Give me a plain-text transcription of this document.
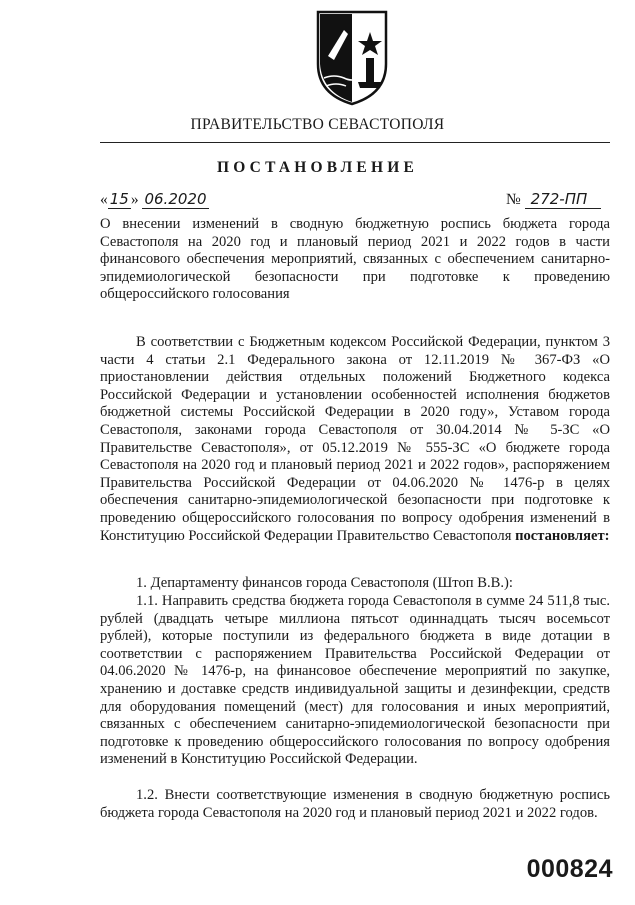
ПРАВИТЕЛЬСТВО СЕВАСТОПОЛЯ
ПОСТАНОВЛЕНИЕ
« 15 » 06.2020	№ 272-ПП
О внесении изменений в сводную бюджетную роспись бюджета города Севастополя на 2020 год и плановый период 2021 и 2022 годов в части финансового обеспечения мероприятий, связанных с обеспечением санитарно-эпидемиологической безопасности при подготовке к проведению общероссийского голосования
В соответствии с Бюджетным кодексом Российской Федерации, пунктом 3 части 4 статьи 2.1 Федерального закона от 12.11.2019 № 367-ФЗ «О приостановлении действия отдельных положений Бюджетного кодекса Российской Федерации и установлении особенностей исполнения бюджетов бюджетной системы Российской Федерации в 2020 году», Уставом города Севастополя, законами города Севастополя от 30.04.2014 № 5-ЗС «О Правительстве Севастополя», от 05.12.2019 № 555-ЗС «О бюджете города Севастополя на 2020 год и плановый период 2021 и 2022 годов», распоряжением Правительства Российской Федерации от 04.06.2020 № 1476-р в целях обеспечения санитарно-эпидемиологической безопасности при подготовке к проведению общероссийского голосования по вопросу одобрения изменений в Конституцию Российской Федерации Правительство Севастополя постановляет:
1. Департаменту финансов города Севастополя (Штоп В.В.):
1.1. Направить средства бюджета города Севастополя в сумме 24 511,8 тыс. рублей (двадцать четыре миллиона пятьсот одиннадцать тысяч восемьсот рублей), которые поступили из федерального бюджета в виде дотации в соответствии с распоряжением Правительства Российской Федерации от 04.06.2020 № 1476-р, на финансовое обеспечение мероприятий по закупке, хранению и доставке средств индивидуальной защиты и дезинфекции, средств для оборудования помещений (мест) для голосования и иных мероприятий, связанных с обеспечением санитарно-эпидемиологической безопасности при подготовке к проведению общероссийского голосования по вопросу одобрения изменений в Конституцию Российской Федерации.
1.2. Внести соответствующие изменения в сводную бюджетную роспись бюджета города Севастополя на 2020 год и плановый период 2021 и 2022 годов.
000824
